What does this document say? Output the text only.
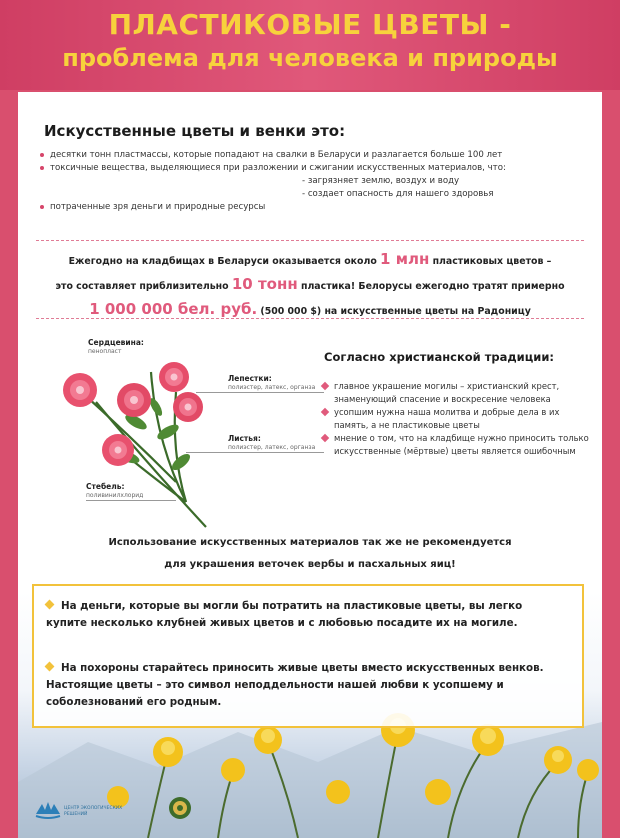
ПЛАСТИКОВЫЕ ЦВЕТЫ -
проблема для человека и природы
Искусственные цветы и венки это:
десятки тонн пластмассы, которые попадают на свалки в Беларуси и разлагается больше 100 лет
токсичные вещества, выделяющиеся при разложении и сжигании искусственных материалов, что:
- загрязняет землю, воздух и воду
- создает опасность для нашего здоровья
потраченные зря деньги и природные ресурсы
Ежегодно на кладбищах в Беларуси оказывается около 1 млн пластиковых цветов –
это составляет приблизительно 10 тонн пластика! Белорусы ежегодно тратят примерно
1 000 000 бел. руб. (500 000 $) на искусственные цветы на Радоницу
Сердцевина:
пенопласт
Лепестки:
полиэстер, латекс, органза
Листья:
полиэстер, латекс, органза
Стебель:
поливинилхлорид
Согласно христианской традиции:
главное украшение могилы – христианский крест, знаменующий спасение и воскресение человека
усопшим нужна наша молитва и добрые дела в их память, а не пластиковые цветы
мнение о том, что на кладбище нужно приносить только искусственные (мёртвые) цветы является ошибочным
Использование искусственных материалов так же не рекомендуется
для украшения веточек вербы и пасхальных яиц!
На деньги, которые вы могли бы потратить на пластиковые цветы, вы легко купите несколько клубней живых цветов и с любовью посадите их на могиле.
На похороны старайтесь приносить живые цветы вместо искусственных венков. Настоящие цветы – это символ неподдельности нашей любви к усопшему и соболезнований его родным.
ЦЕНТР ЭКОЛОГИЧЕСКИХ РЕШЕНИЙ
